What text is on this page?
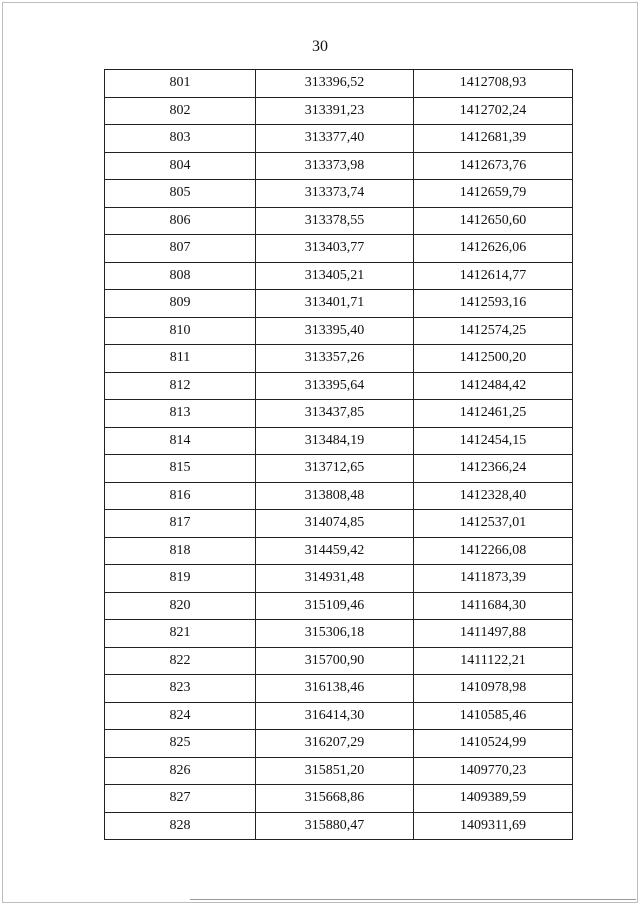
30
801	313396,52	1412708,93
802	313391,23	1412702,24
803	313377,40	1412681,39
804	313373,98	1412673,76
805	313373,74	1412659,79
806	313378,55	1412650,60
807	313403,77	1412626,06
808	313405,21	1412614,77
809	313401,71	1412593,16
810	313395,40	1412574,25
811	313357,26	1412500,20
812	313395,64	1412484,42
813	313437,85	1412461,25
814	313484,19	1412454,15
815	313712,65	1412366,24
816	313808,48	1412328,40
817	314074,85	1412537,01
818	314459,42	1412266,08
819	314931,48	1411873,39
820	315109,46	1411684,30
821	315306,18	1411497,88
822	315700,90	1411122,21
823	316138,46	1410978,98
824	316414,30	1410585,46
825	316207,29	1410524,99
826	315851,20	1409770,23
827	315668,86	1409389,59
828	315880,47	1409311,69
